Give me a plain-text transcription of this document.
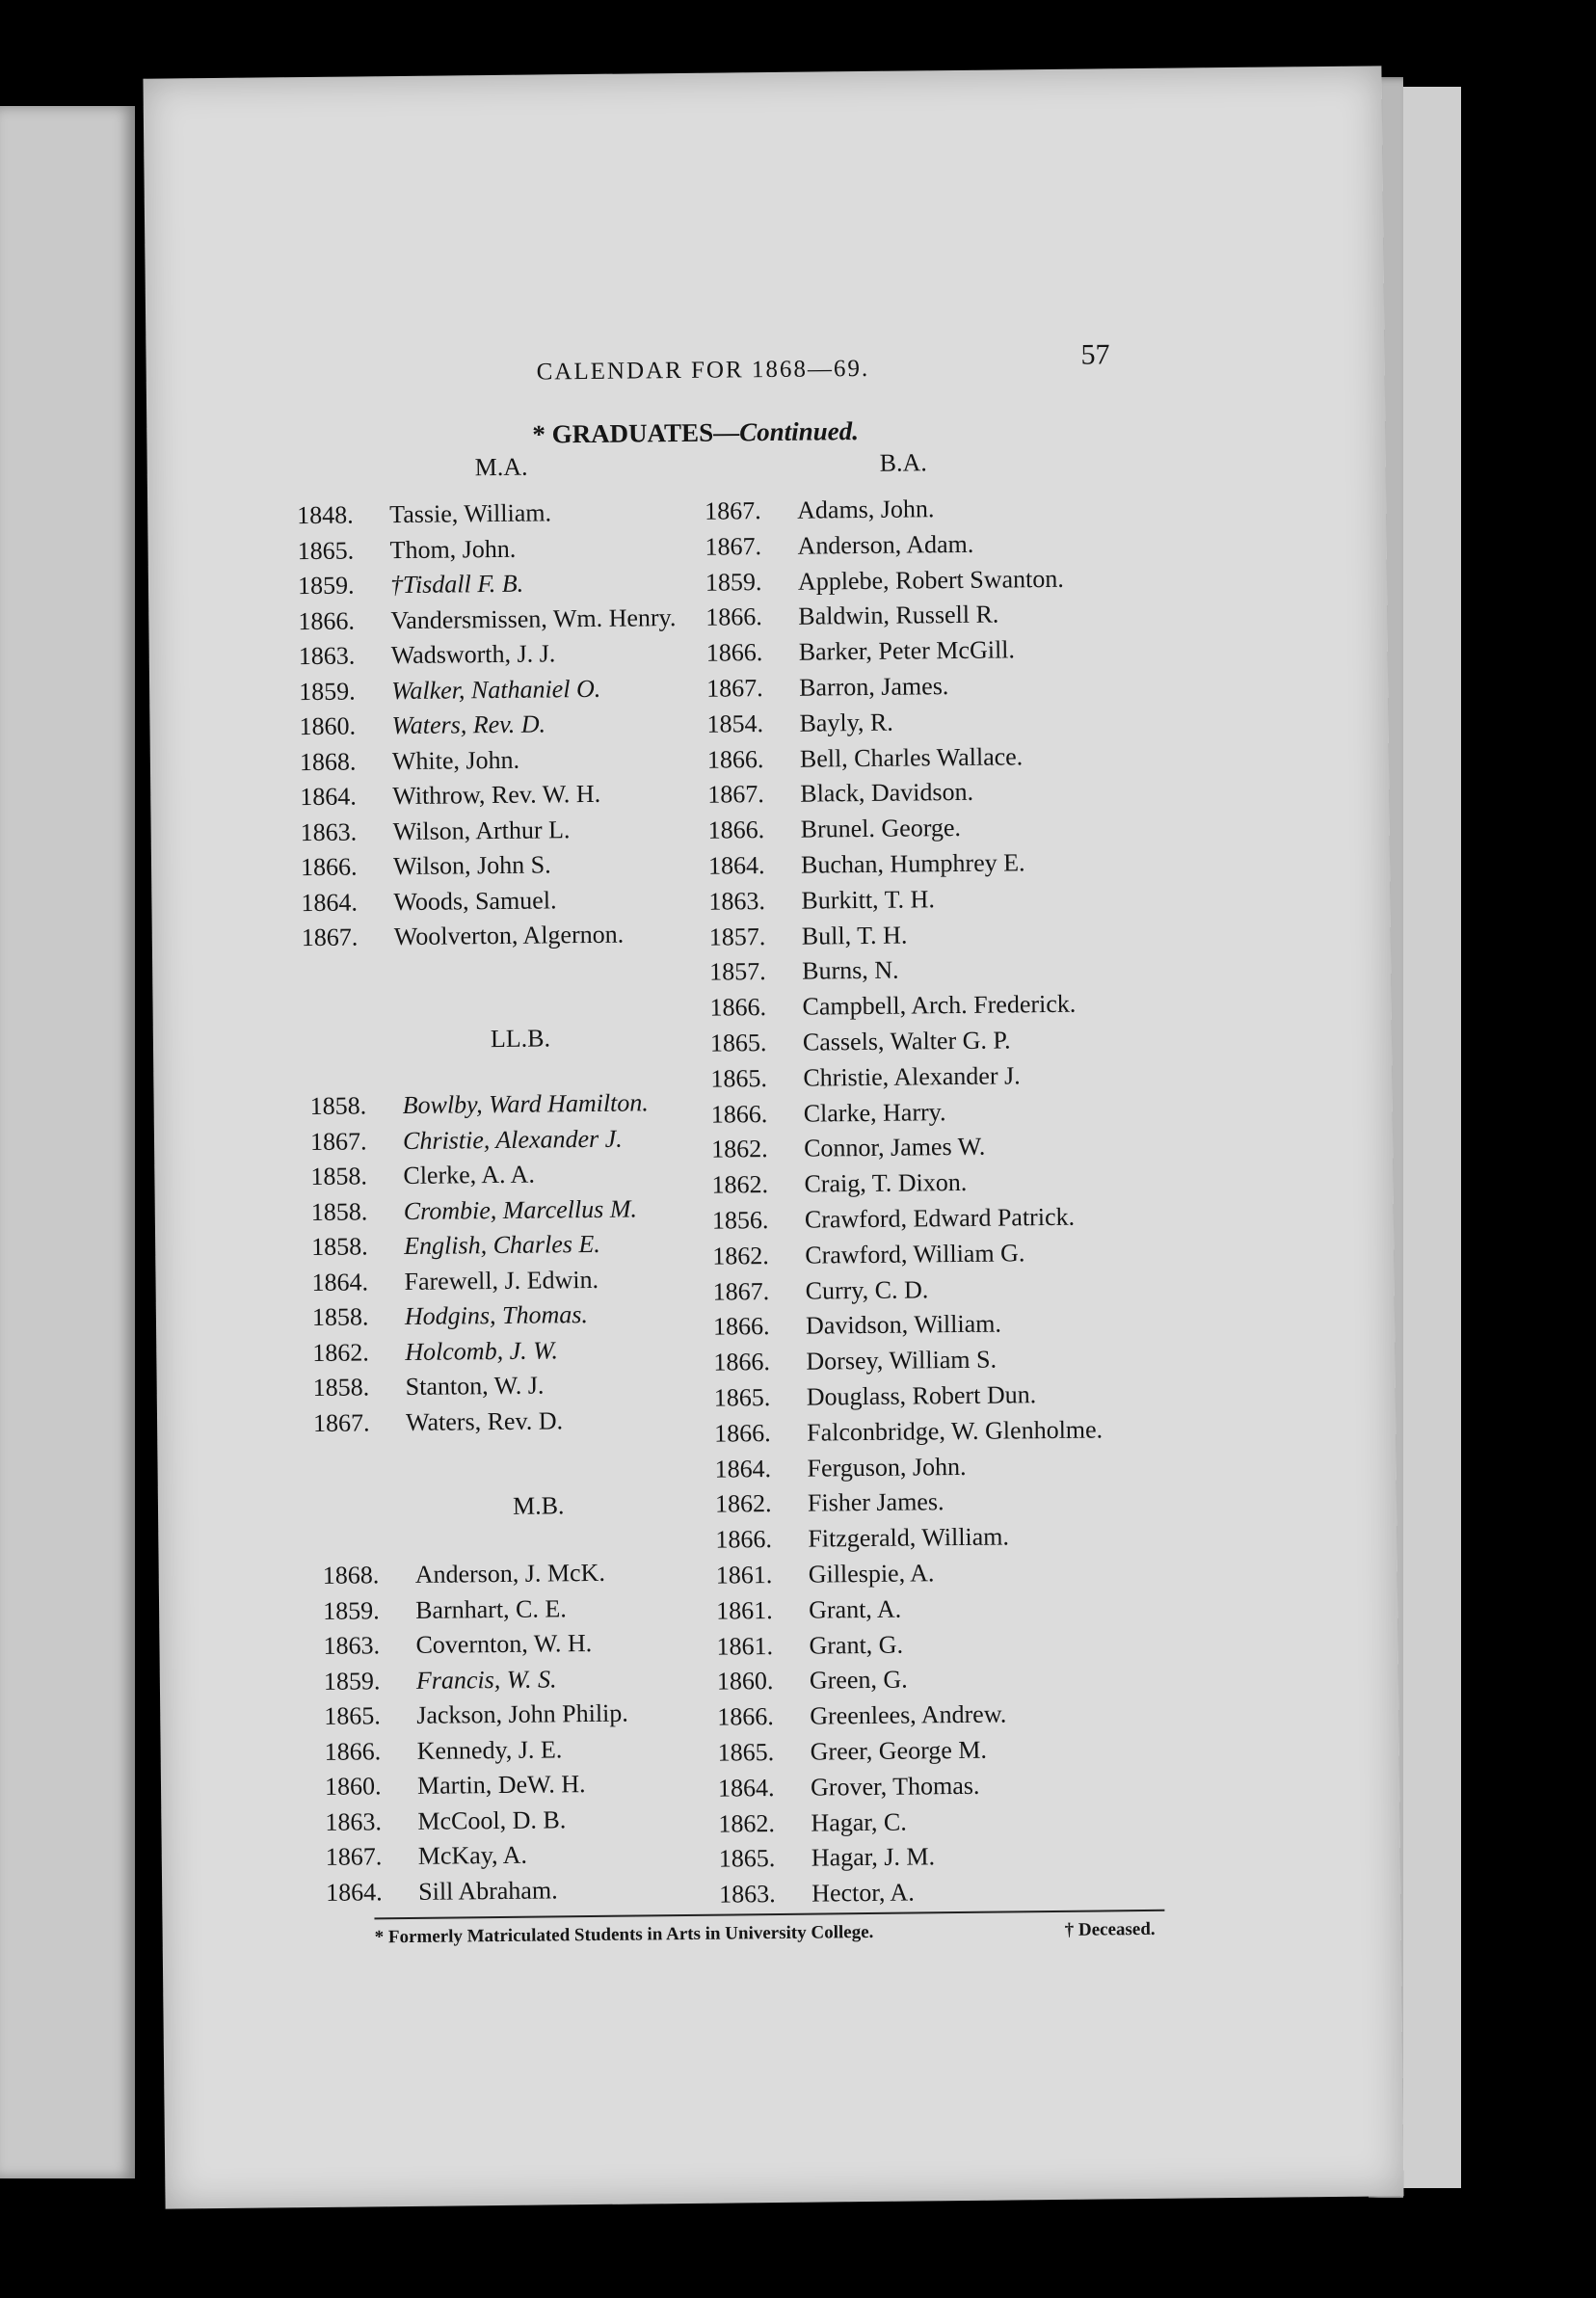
CALENDAR FOR 1868—69.	57
* GRADUATES—Continued.
M.A.
1848. Tassie, William.
1865. Thom, John.
1859. †Tisdall F. B.
1866. Vandersmissen, Wm. Henry.
1863. Wadsworth, J. J.
1859. Walker, Nathaniel O.
1860. Waters, Rev. D.
1868. White, John.
1864. Withrow, Rev. W. H.
1863. Wilson, Arthur L.
1866. Wilson, John S.
1864. Woods, Samuel.
1867. Woolverton, Algernon.
LL.B.
1858. Bowlby, Ward Hamilton.
1867. Christie, Alexander J.
1858. Clerke, A. A.
1858. Crombie, Marcellus M.
1858. English, Charles E.
1864. Farewell, J. Edwin.
1858. Hodgins, Thomas.
1862. Holcomb, J. W.
1858. Stanton, W. J.
1867. Waters, Rev. D.
M.B.
1868. Anderson, J. McK.
1859. Barnhart, C. E.
1863. Covernton, W. H.
1859. Francis, W. S.
1865. Jackson, John Philip.
1866. Kennedy, J. E.
1860. Martin, DeW. H.
1863. McCool, D. B.
1867. McKay, A.
1864. Sill Abraham.
B.A.
1867. Adams, John.
1867. Anderson, Adam.
1859. Applebe, Robert Swanton.
1866. Baldwin, Russell R.
1866. Barker, Peter McGill.
1867. Barron, James.
1854. Bayly, R.
1866. Bell, Charles Wallace.
1867. Black, Davidson.
1866. Brunel. George.
1864. Buchan, Humphrey E.
1863. Burkitt, T. H.
1857. Bull, T. H.
1857. Burns, N.
1866. Campbell, Arch. Frederick.
1865. Cassels, Walter G. P.
1865. Christie, Alexander J.
1866. Clarke, Harry.
1862. Connor, James W.
1862. Craig, T. Dixon.
1856. Crawford, Edward Patrick.
1862. Crawford, William G.
1867. Curry, C. D.
1866. Davidson, William.
1866. Dorsey, William S.
1865. Douglass, Robert Dun.
1866. Falconbridge, W. Glenholme.
1864. Ferguson, John.
1862. Fisher James.
1866. Fitzgerald, William.
1861. Gillespie, A.
1861. Grant, A.
1861. Grant, G.
1860. Green, G.
1866. Greenlees, Andrew.
1865. Greer, George M.
1864. Grover, Thomas.
1862. Hagar, C.
1865. Hagar, J. M.
1863. Hector, A.
* Formerly Matriculated Students in Arts in University College.	† Deceased.
